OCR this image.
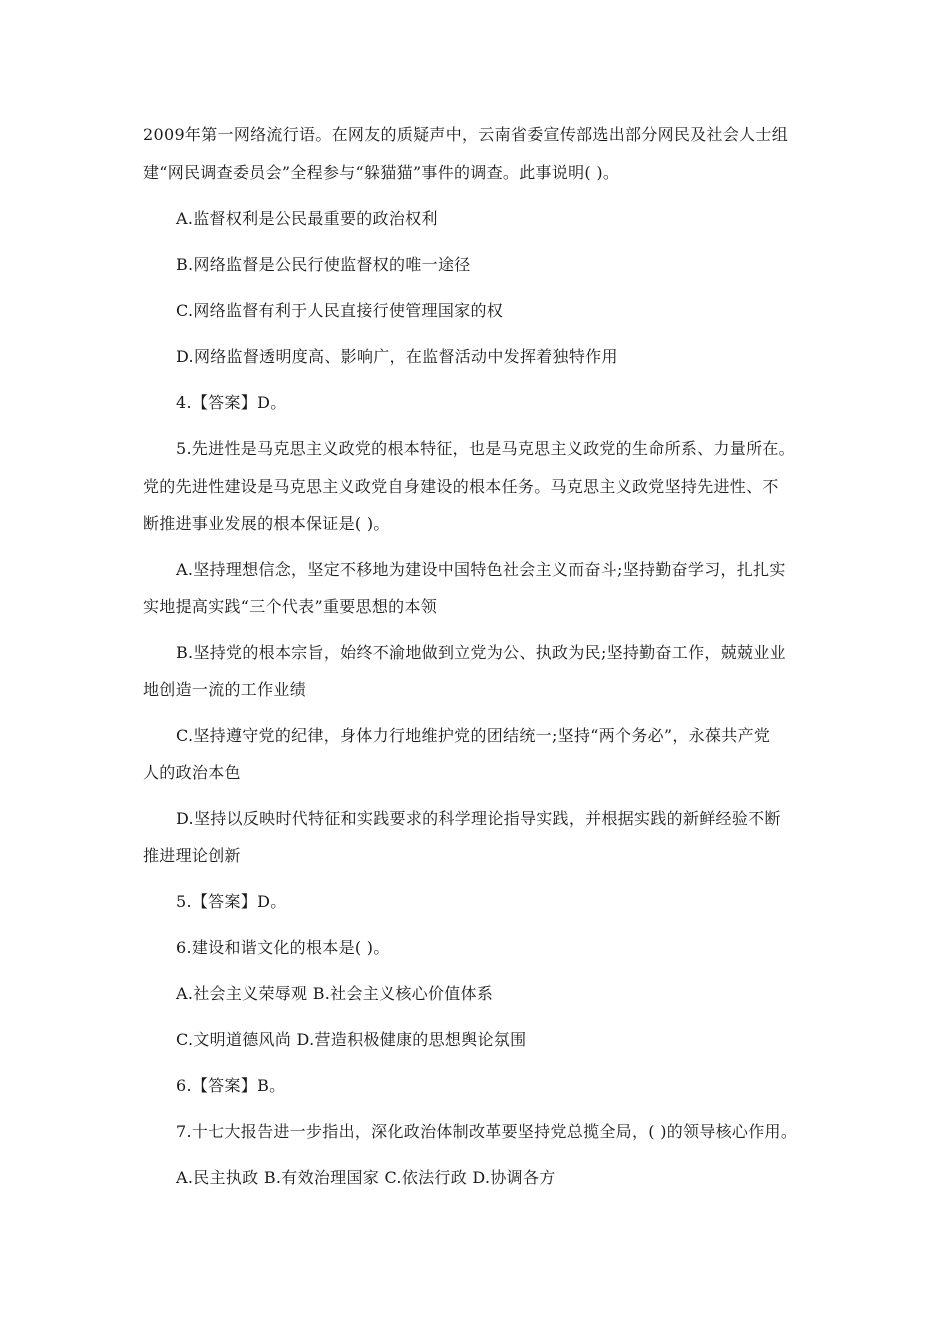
2009年第一网络流行语。在网友的质疑声中，云南省委宣传部选出部分网民及社会人士组
建“网民调查委员会”全程参与“躲猫猫”事件的调查。此事说明( )。
A.监督权利是公民最重要的政治权利
B.网络监督是公民行使监督权的唯一途径
C.网络监督有利于人民直接行使管理国家的权
D.网络监督透明度高、影响广，在监督活动中发挥着独特作用
4.【答案】D。
5.先进性是马克思主义政党的根本特征，也是马克思主义政党的生命所系、力量所在。
党的先进性建设是马克思主义政党自身建设的根本任务。马克思主义政党坚持先进性、不
断推进事业发展的根本保证是( )。
A.坚持理想信念，坚定不移地为建设中国特色社会主义而奋斗;坚持勤奋学习，扎扎实
实地提高实践“三个代表”重要思想的本领
B.坚持党的根本宗旨，始终不渝地做到立党为公、执政为民;坚持勤奋工作，兢兢业业
地创造一流的工作业绩
C.坚持遵守党的纪律，身体力行地维护党的团结统一;坚持“两个务必”，永葆共产党
人的政治本色
D.坚持以反映时代特征和实践要求的科学理论指导实践，并根据实践的新鲜经验不断
推进理论创新
5.【答案】D。
6.建设和谐文化的根本是( )。
A.社会主义荣辱观 B.社会主义核心价值体系
C.文明道德风尚 D.营造积极健康的思想舆论氛围
6.【答案】B。
7.十七大报告进一步指出，深化政治体制改革要坚持党总揽全局，( )的领导核心作用。
A.民主执政 B.有效治理国家 C.依法行政 D.协调各方
